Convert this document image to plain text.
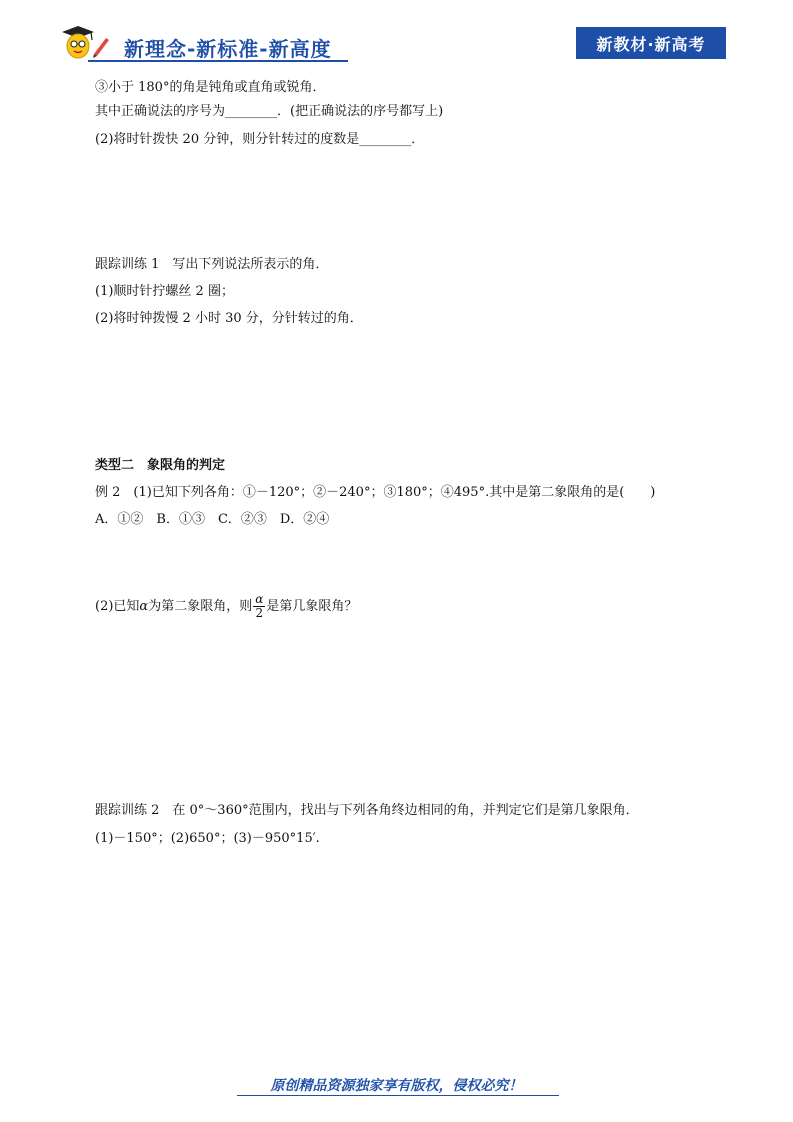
新理念-新标准-新高度	新教材·新高考
③小于 180°的角是钝角或直角或锐角．
其中正确说法的序号为________．(把正确说法的序号都写上)
(2)将时针拨快 20 分钟，则分针转过的度数是________．
跟踪训练 1　写出下列说法所表示的角．
(1)顺时针拧螺丝 2 圈；
(2)将时钟拨慢 2 小时 30 分，分针转过的角．
类型二　象限角的判定
例 2　(1)已知下列各角：①－120°；②－240°；③180°；④495°.其中是第二象限角的是(　　)
A．①②　B．①③　C．②③　D．②④
(2)已知α为第二象限角，则 $\frac{\alpha}{2}$ 是第几象限角？
跟踪训练 2　在 0°～360°范围内，找出与下列各角终边相同的角，并判定它们是第几象限角．
(1)－150°；(2)650°；(3)－950°15′.
原创精品资源独家享有版权，侵权必究！
